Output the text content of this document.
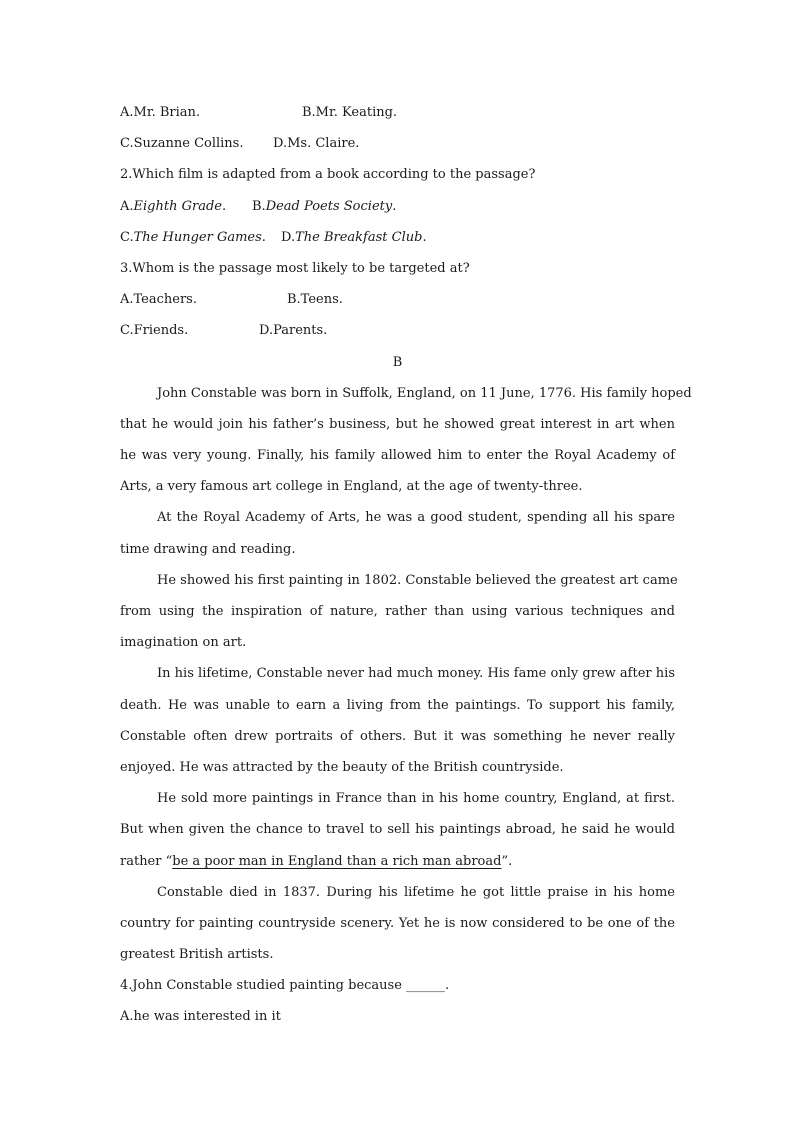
A.Mr. Brian.	B.Mr. Keating.
C.Suzanne Collins.	D.Ms. Claire.
2.Which film is adapted from a book according to the passage?
A.Eighth Grade.	B.Dead Poets Society.
C.The Hunger Games.	D.The Breakfast Club.
3.Whom is the passage most likely to be targeted at?
A.Teachers.	B.Teens.
C.Friends.	D.Parents.
B
John Constable was born in Suffolk, England, on 11 June, 1776. His family hoped
that he would join his father’s business, but he showed great interest in art when
he was very young. Finally, his family allowed him to enter the Royal Academy of
Arts, a very famous art college in England, at the age of twenty-three.
At the Royal Academy of Arts, he was a good student, spending all his spare
time drawing and reading.
He showed his first painting in 1802. Constable believed the greatest art came
from using the inspiration of nature, rather than using various techniques and
imagination on art.
In his lifetime, Constable never had much money. His fame only grew after his
death. He was unable to earn a living from the paintings. To support his family,
Constable often drew portraits of others. But it was something he never really
enjoyed. He was attracted by the beauty of the British countryside.
He sold more paintings in France than in his home country, England, at first.
But when given the chance to travel to sell his paintings abroad, he said he would
rather “be a poor man in England than a rich man abroad”.
Constable died in 1837. During his lifetime he got little praise in his home
country for painting countryside scenery. Yet he is now considered to be one of the
greatest British artists.
4.John Constable studied painting because ______.
A.he was interested in it
